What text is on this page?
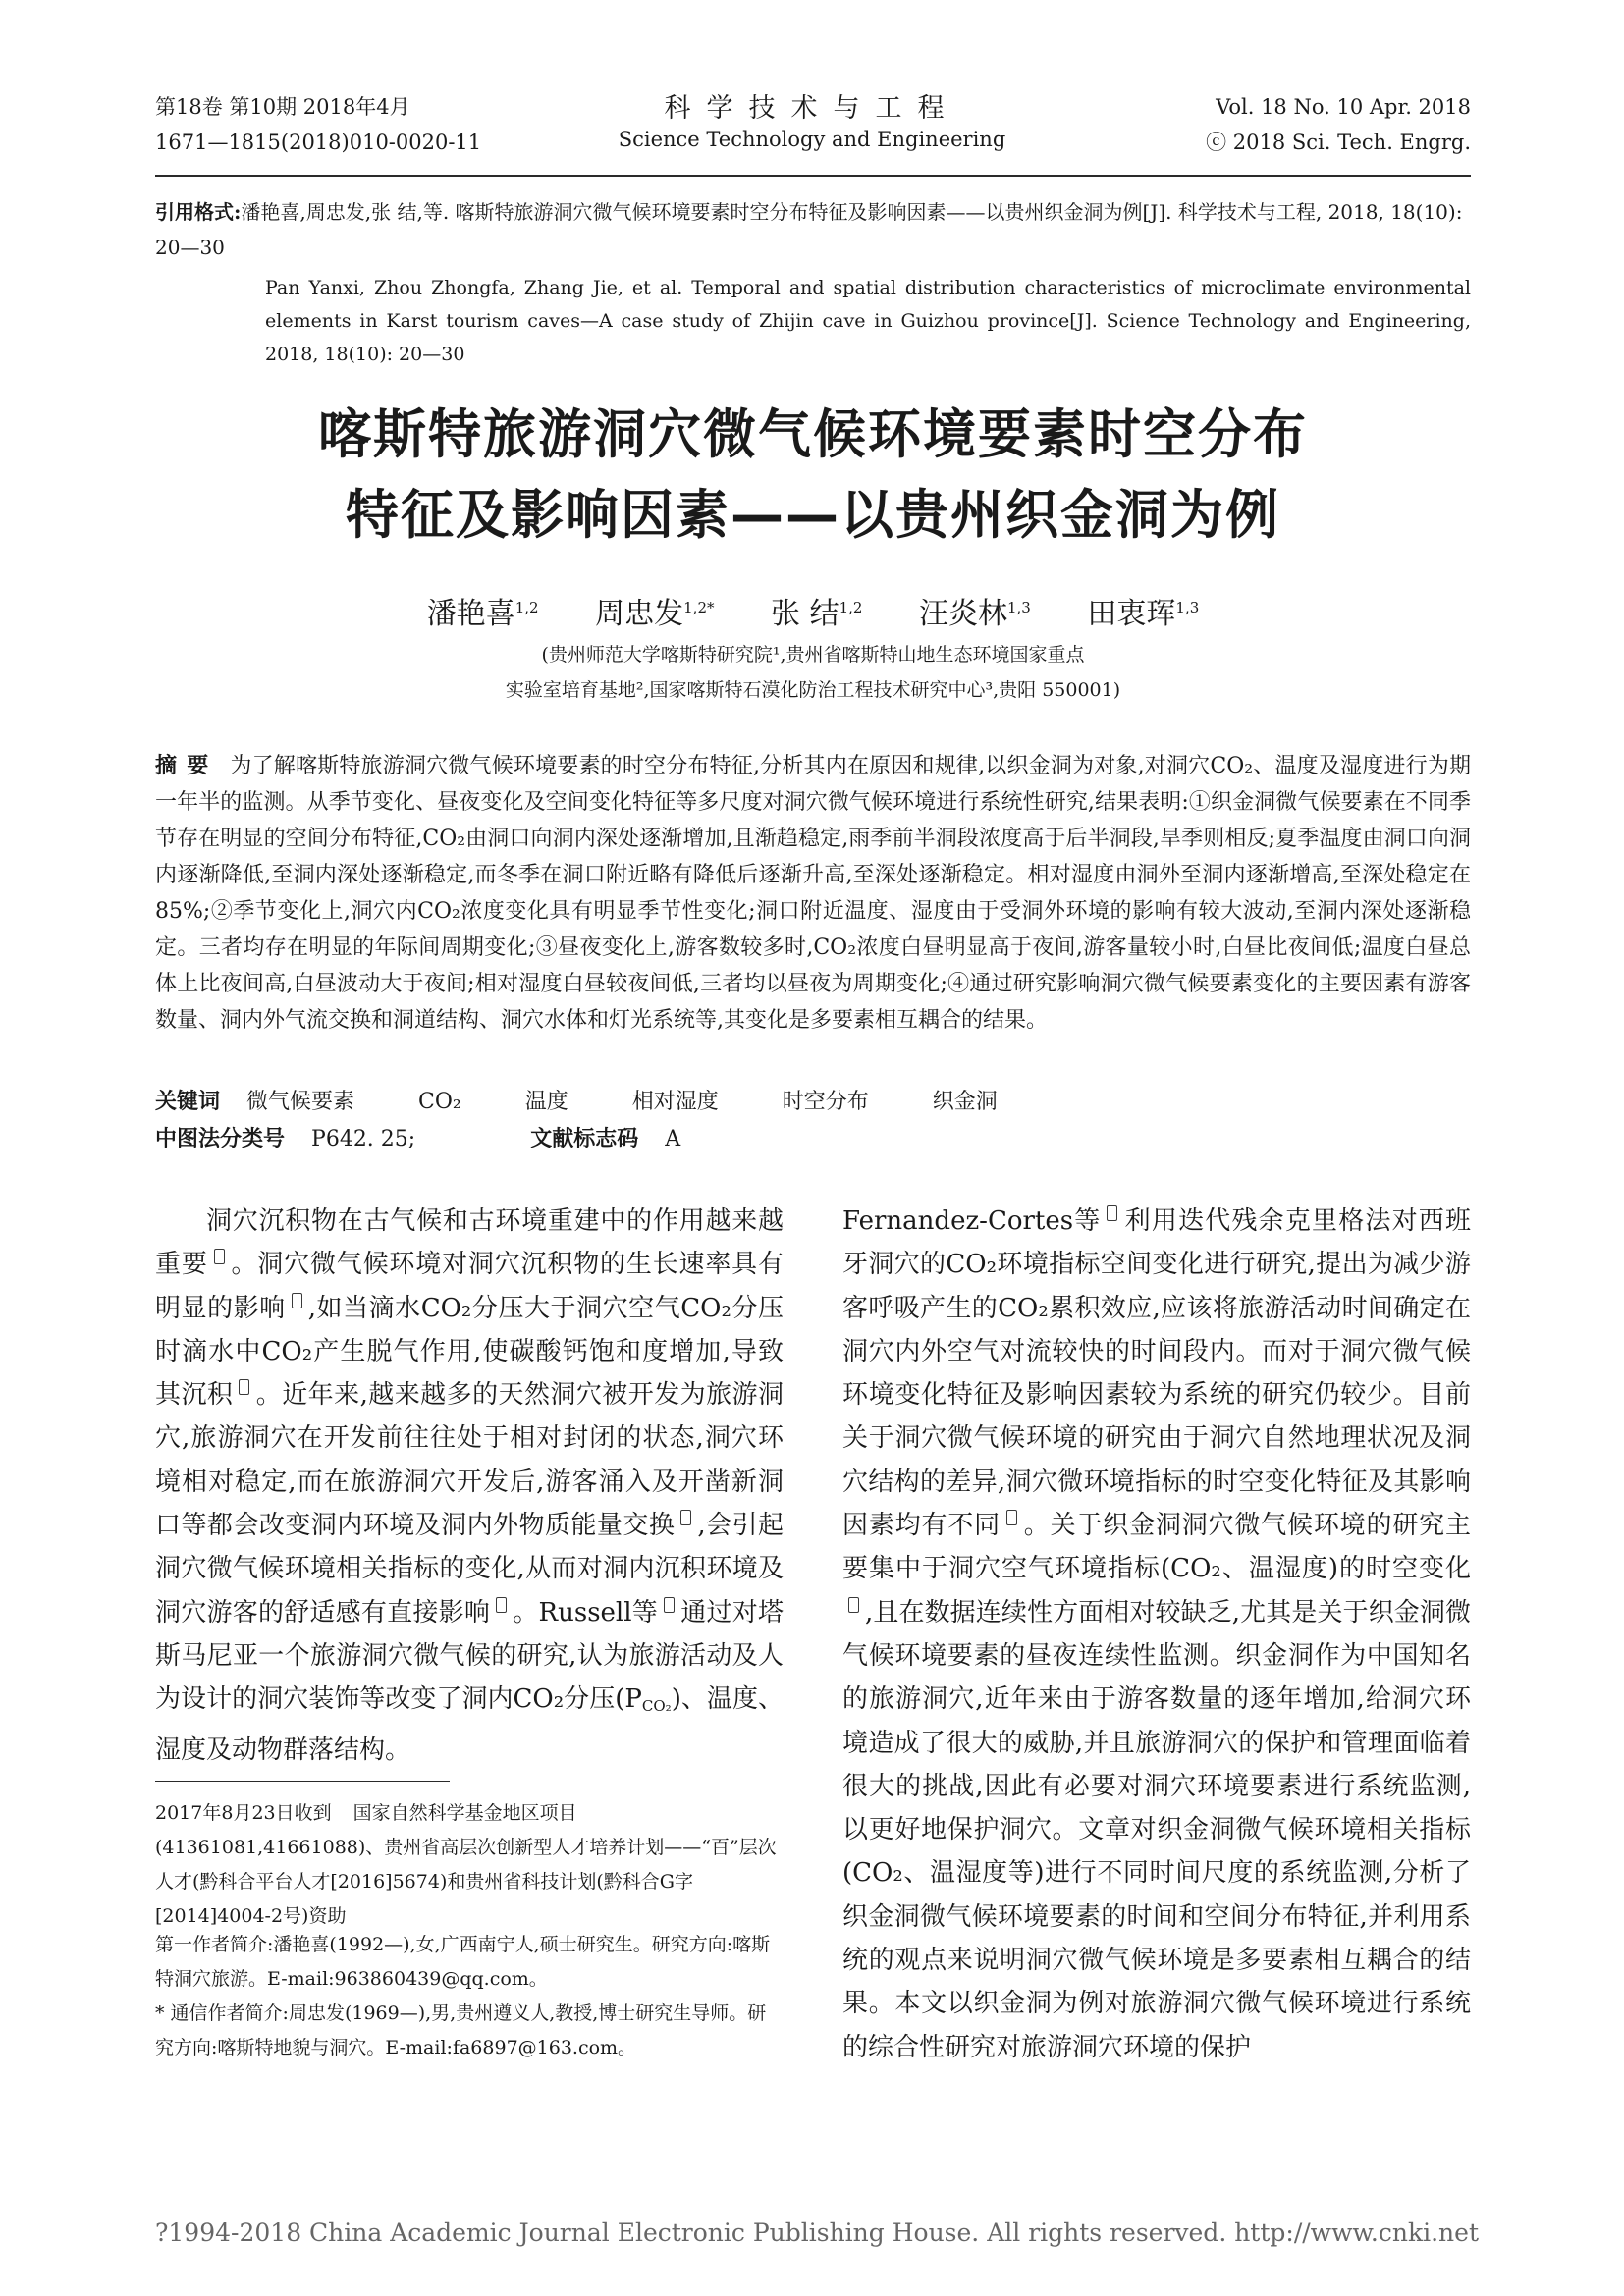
第18卷 第10期 2018年4月
1671—1815(2018)010-0020-11
科学技术与工程
Science Technology and Engineering
Vol. 18 No. 10 Apr. 2018
ⓒ 2018 Sci. Tech. Engrg.
引用格式:潘艳喜,周忠发,张 结,等. 喀斯特旅游洞穴微气候环境要素时空分布特征及影响因素——以贵州织金洞为例[J]. 科学技术与工程, 2018, 18(10): 20—30
Pan Yanxi, Zhou Zhongfa, Zhang Jie, et al. Temporal and spatial distribution characteristics of microclimate environmental elements in Karst tourism caves—A case study of Zhijin cave in Guizhou province[J]. Science Technology and Engineering, 2018, 18(10): 20—30
喀斯特旅游洞穴微气候环境要素时空分布
特征及影响因素——以贵州织金洞为例
潘艳喜$^{1,2}$ 周忠发$^{1,2*}$ 张 结$^{1,2}$ 汪炎林$^{1,3}$ 田衷珲$^{1,3}$
(贵州师范大学喀斯特研究院¹,贵州省喀斯特山地生态环境国家重点
实验室培育基地²,国家喀斯特石漠化防治工程技术研究中心³,贵阳 550001)
摘要 为了解喀斯特旅游洞穴微气候环境要素的时空分布特征,分析其内在原因和规律,以织金洞为对象,对洞穴CO₂、温度及湿度进行为期一年半的监测。从季节变化、昼夜变化及空间变化特征等多尺度对洞穴微气候环境进行系统性研究,结果表明:①织金洞微气候要素在不同季节存在明显的空间分布特征,CO₂由洞口向洞内深处逐渐增加,且渐趋稳定,雨季前半洞段浓度高于后半洞段,旱季则相反;夏季温度由洞口向洞内逐渐降低,至洞内深处逐渐稳定,而冬季在洞口附近略有降低后逐渐升高,至深处逐渐稳定。相对湿度由洞外至洞内逐渐增高,至深处稳定在85%;②季节变化上,洞穴内CO₂浓度变化具有明显季节性变化;洞口附近温度、湿度由于受洞外环境的影响有较大波动,至洞内深处逐渐稳定。三者均存在明显的年际间周期变化;③昼夜变化上,游客数较多时,CO₂浓度白昼明显高于夜间,游客量较小时,白昼比夜间低;温度白昼总体上比夜间高,白昼波动大于夜间;相对湿度白昼较夜间低,三者均以昼夜为周期变化;④通过研究影响洞穴微气候要素变化的主要因素有游客数量、洞内外气流交换和洞道结构、洞穴水体和灯光系统等,其变化是多要素相互耦合的结果。
关键词 微气候要素	CO₂	温度	相对湿度	时空分布	织金洞
中图法分类号 P642. 25;	文献标志码 A
洞穴沉积物在古气候和古环境重建中的作用越来越重要 。洞穴微气候环境对洞穴沉积物的生长速率具有明显的影响 ,如当滴水CO₂分压大于洞穴空气CO₂分压时滴水中CO₂产生脱气作用,使碳酸钙饱和度增加,导致其沉积 。近年来,越来越多的天然洞穴被开发为旅游洞穴,旅游洞穴在开发前往往处于相对封闭的状态,洞穴环境相对稳定,而在旅游洞穴开发后,游客涌入及开凿新洞口等都会改变洞内环境及洞内外物质能量交换 ,会引起洞穴微气候环境相关指标的变化,从而对洞内沉积环境及洞穴游客的舒适感有直接影响 。Russell等 通过对塔斯马尼亚一个旅游洞穴微气候的研究,认为旅游活动及人为设计的洞穴装饰等改变了洞内CO₂分压$(P_{CO_2})$、温度、湿度及动物群落结构。
2017年8月23日收到 国家自然科学基金地区项目(41361081,41661088)、贵州省高层次创新型人才培养计划——“百”层次人才(黔科合平台人才[2016]5674)和贵州省科技计划(黔科合G字[2014]4004-2号)资助
第一作者简介:潘艳喜(1992—),女,广西南宁人,硕士研究生。研究方向:喀斯特洞穴旅游。E-mail:963860439@qq.com。
* 通信作者简介:周忠发(1969—),男,贵州遵义人,教授,博士研究生导师。研究方向:喀斯特地貌与洞穴。E-mail:fa6897@163.com。
Fernandez-Cortes等 利用迭代残余克里格法对西班牙洞穴的CO₂环境指标空间变化进行研究,提出为减少游客呼吸产生的CO₂累积效应,应该将旅游活动时间确定在洞穴内外空气对流较快的时间段内。而对于洞穴微气候环境变化特征及影响因素较为系统的研究仍较少。目前关于洞穴微气候环境的研究由于洞穴自然地理状况及洞穴结构的差异,洞穴微环境指标的时空变化特征及其影响因素均有不同 。关于织金洞洞穴微气候环境的研究主要集中于洞穴空气环境指标(CO₂、温湿度)的时空变化,且在数据连续性方面相对较缺乏,尤其是关于织金洞微气候环境要素的昼夜连续性监测。织金洞作为中国知名的旅游洞穴,近年来由于游客数量的逐年增加,给洞穴环境造成了很大的威胁,并且旅游洞穴的保护和管理面临着很大的挑战,因此有必要对洞穴环境要素进行系统监测,以更好地保护洞穴。文章对织金洞微气候环境相关指标(CO₂、温湿度等)进行不同时间尺度的系统监测,分析了织金洞微气候环境要素的时间和空间分布特征,并利用系统的观点来说明洞穴微气候环境是多要素相互耦合的结果。本文以织金洞为例对旅游洞穴微气候环境进行系统的综合性研究对旅游洞穴环境的保护
?1994-2018 China Academic Journal Electronic Publishing House. All rights reserved. http://www.cnki.net
